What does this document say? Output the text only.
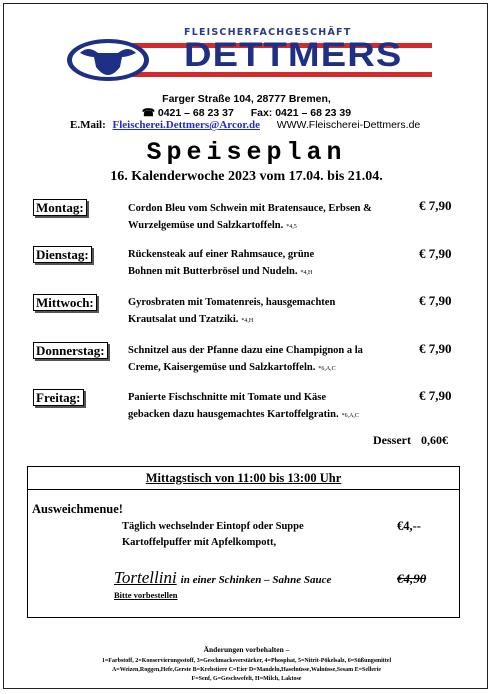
FLEISCHERFACHGESCHÄFT
DETTMERS
Farger Straße 104, 28777 Bremen,
☎ 0421 – 68 23 37 Fax: 0421 – 68 23 39
E.Mail: Fleischerei.Dettmers@Arcor.de WWW.Fleischerei-Dettmers.de
Speiseplan
16. Kalenderwoche 2023 vom 17.04. bis 21.04.
Montag:	Cordon Bleu vom Schwein mit Bratensauce, Erbsen &
Wurzelgemüse und Salzkartoffeln. *4,5
€ 7,90
Dienstag:	Rückensteak auf einer Rahmsauce, grüne
Bohnen mit Butterbrösel und Nudeln. *4,H
€ 7,90
Mittwoch:	Gyrosbraten mit Tomatenreis, hausgemachten
Krautsalat und Tzatziki. *4,H
€ 7,90
Donnerstag: Schnitzel aus der Pfanne dazu eine Champignon a la
Creme, Kaisergemüse und Salzkartoffeln. *6,A,C
€ 7,90
Freitag:	Panierte Fischschnitte mit Tomate und Käse
gebacken dazu hausgemachtes Kartoffelgratin. *6,A,C
€ 7,90
Dessert 0,60€
Mittagstisch von 11:00 bis 13:00 Uhr
Ausweichmenue!
Täglich wechselnder Eintopf oder Suppe
Kartoffelpuffer mit Apfelkompott,
€4,--
Tortellini in einer Schinken – Sahne Sauce	€4,90
Bitte vorbestellen
Änderungen vorbehalten –
1=Farbstoff, 2=Konservierungsstoff, 3=Geschmacksverstärker, 4=Phosphat, 5=Nitrit-Pökelsalz, 6=Süßungsmittel
A=Weizen,Roggen,Hefe,Gerste B=Krebstiere C=Eier D=Mandeln,Haselnüsse,Walnüsse,Sesam E=Sellerie
F=Senf, G=Geschwefelt, H=Milch, Laktose
